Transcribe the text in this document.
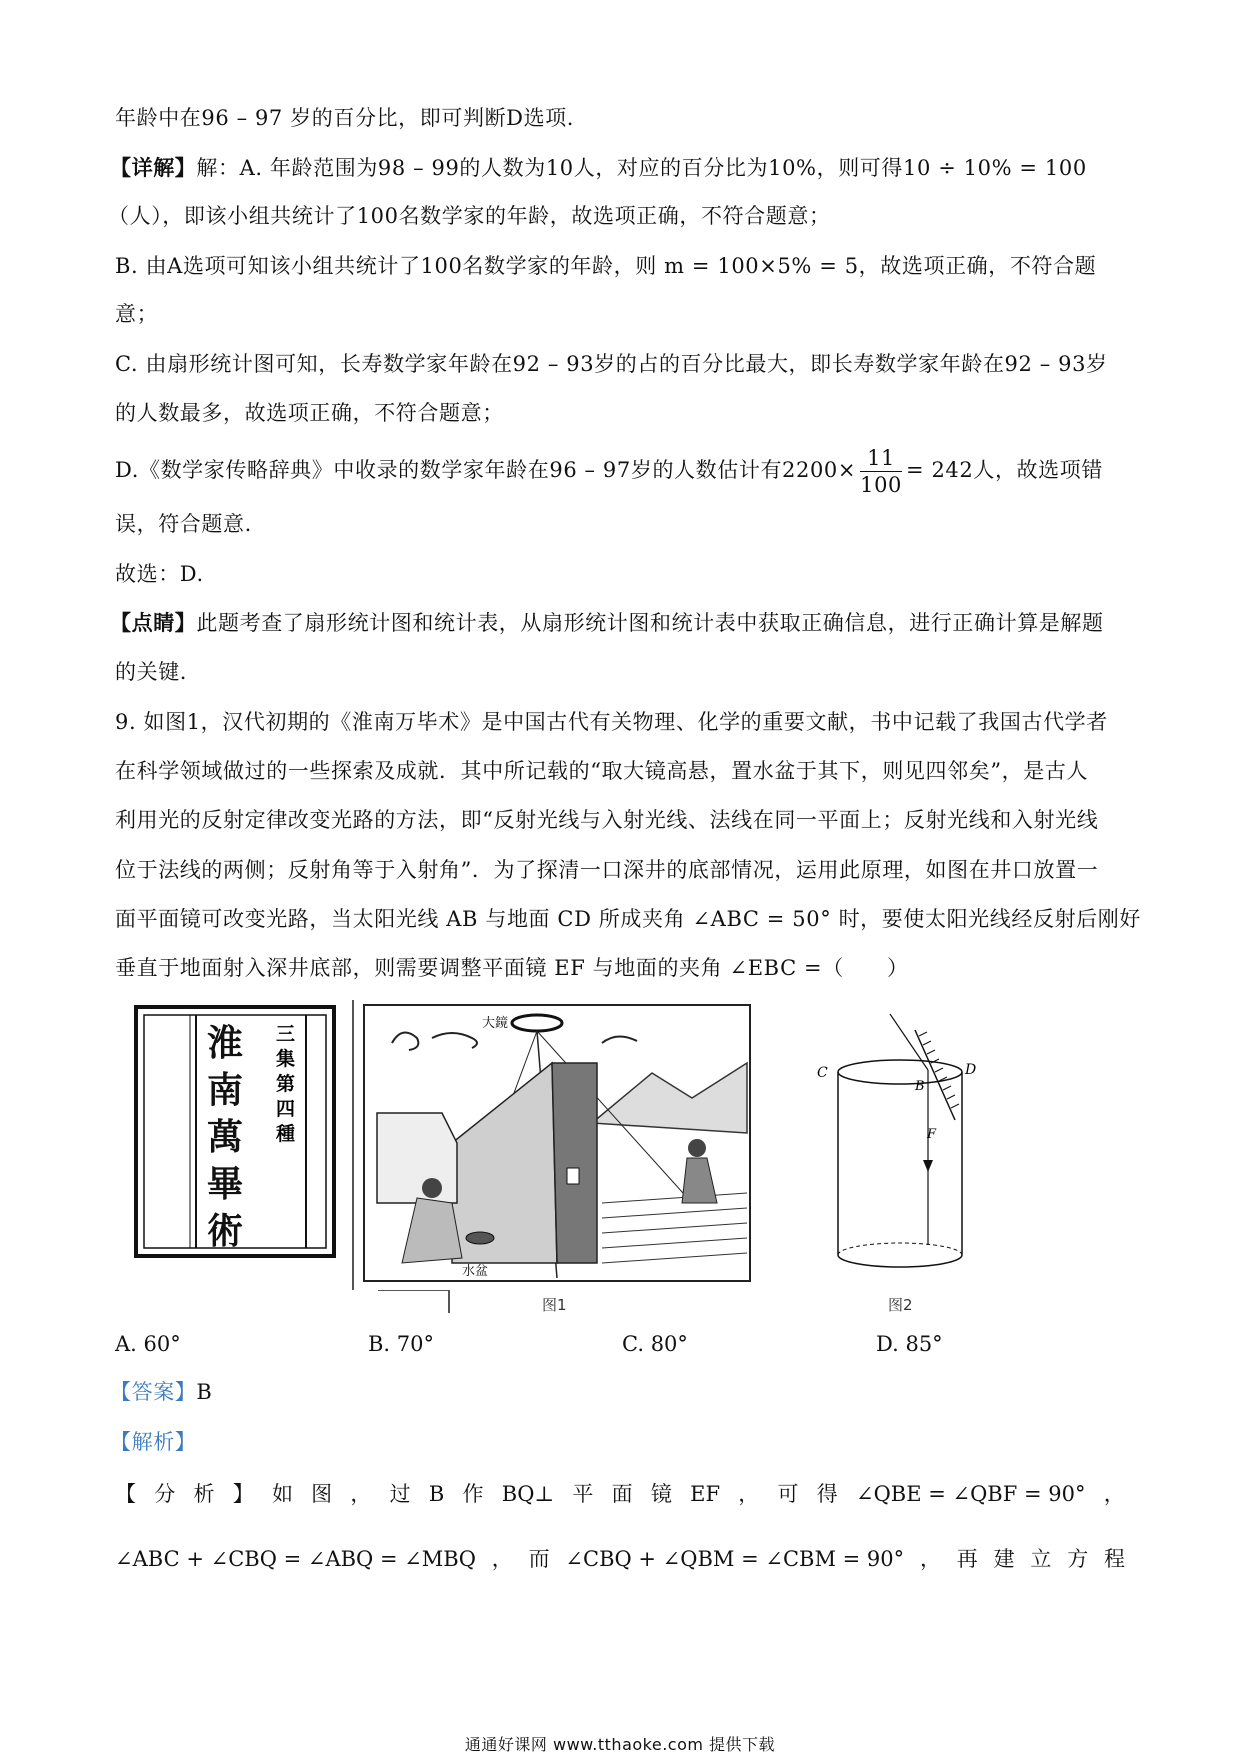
年龄中在96 – 97 岁的百分比，即可判断D选项.
【详解】解：A. 年龄范围为98 – 99的人数为10人，对应的百分比为10%，则可得10 ÷ 10% = 100
（人），即该小组共统计了100名数学家的年龄，故选项正确，不符合题意；
B. 由A选项可知该小组共统计了100名数学家的年龄，则 m = 100×5% = 5，故选项正确，不符合题
意；
C. 由扇形统计图可知，长寿数学家年龄在92 – 93岁的占的百分比最大，即长寿数学家年龄在92 – 93岁
的人数最多，故选项正确，不符合题意；
D.《数学家传略辞典》中收录的数学家年龄在96 – 97岁的人数估计有$2200\times \frac{11}{100} = 242$人，故选项错
误，符合题意.
故选：D.
【点睛】此题考查了扇形统计图和统计表，从扇形统计图和统计表中获取正确信息，进行正确计算是解题
的关键.
9. 如图1，汉代初期的《淮南万毕术》是中国古代有关物理、化学的重要文献，书中记载了我国古代学者
在科学领域做过的一些探索及成就．其中所记载的“取大镜高悬，置水盆于其下，则见四邻矣”，是古人
利用光的反射定律改变光路的方法，即“反射光线与入射光线、法线在同一平面上；反射光线和入射光线
位于法线的两侧；反射角等于入射角”．为了探清一口深井的底部情况，运用此原理，如图在井口放置一
面平面镜可改变光路，当太阳光线 AB 与地面 CD 所成夹角 ∠ABC = 50° 时，要使太阳光线经反射后刚好
垂直于地面射入深井底部，则需要调整平面镜 EF 与地面的夹角 ∠EBC =（　　）
淮
南
萬
畢
術
三
集
第
四
種
大鏡
水盆
图1
C
B
D
F
图2
A. 60°	B. 70°	C. 80°	D. 85°
【答案】B
【解析】
【 分 析 】 如 图 ， 过 B 作 BQ⊥ 平 面 镜 EF ， 可 得 ∠QBE = ∠QBF = 90° ，
∠ABC + ∠CBQ = ∠ABQ = ∠MBQ ， 而 ∠CBQ + ∠QBM = ∠CBM = 90° ， 再 建 立 方 程
通通好课网 www.tthaoke.com 提供下载
